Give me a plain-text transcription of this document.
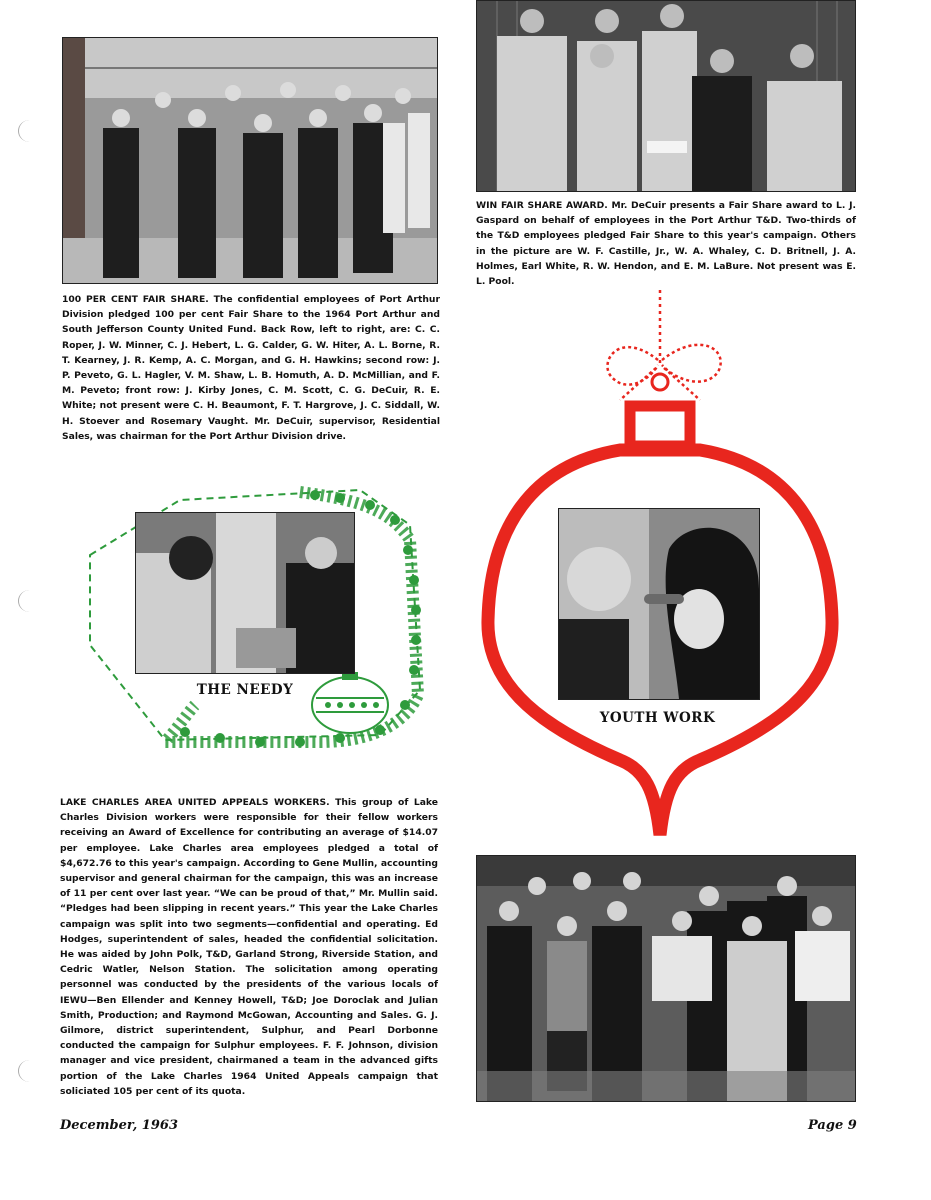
100 PER CENT FAIR SHARE. The confidential employees of Port Arthur Division pledged 100 per cent Fair Share to the 1964 Port Arthur and South Jefferson County United Fund. Back Row, left to right, are: C. C. Roper, J. W. Minner, C. J. Hebert, L. G. Calder, G. W. Hiter, A. L. Borne, R. T. Kearney, J. R. Kemp, A. C. Morgan, and G. H. Hawkins; second row: J. P. Peveto, G. L. Hagler, V. M. Shaw, L. B. Homuth, A. D. McMillian, and F. M. Peveto; front row: J. Kirby Jones, C. M. Scott, C. G. DeCuir, R. E. White; not present were C. H. Beaumont, F. T. Hargrove, J. C. Siddall, W. H. Stoever and Rosemary Vaught. Mr. DeCuir, supervisor, Residential Sales, was chairman for the Port Arthur Division drive.

WIN FAIR SHARE AWARD. Mr. DeCuir presents a Fair Share award to L. J. Gaspard on behalf of employees in the Port Arthur T&D. Two-thirds of the T&D employees pledged Fair Share to this year's campaign. Others in the picture are W. F. Castille, Jr., W. A. Whaley, C. D. Britnell, J. A. Holmes, Earl White, R. W. Hendon, and E. M. LaBure. Not present was E. L. Pool.

THE NEEDY
YOUTH WORK

LAKE CHARLES AREA UNITED APPEALS WORKERS. This group of Lake Charles Division workers were responsible for their fellow workers receiving an Award of Excellence for contributing an average of $14.07 per employee. Lake Charles area employees pledged a total of $4,672.76 to this year's campaign. According to Gene Mullin, accounting supervisor and general chairman for the campaign, this was an increase of 11 per cent over last year. “We can be proud of that,” Mr. Mullin said. “Pledges had been slipping in recent years.” This year the Lake Charles campaign was split into two segments—confidential and operating. Ed Hodges, superintendent of sales, headed the confidential solicitation. He was aided by John Polk, T&D, Garland Strong, Riverside Station, and Cedric Watler, Nelson Station. The solicitation among operating personnel was conducted by the presidents of the various locals of IEWU—Ben Ellender and Kenney Howell, T&D; Joe Doroclak and Julian Smith, Production; and Raymond McGowan, Accounting and Sales. G. J. Gilmore, district superintendent, Sulphur, and Pearl Dorbonne conducted the campaign for Sulphur employees. F. F. Johnson, division manager and vice president, chairmaned a team in the advanced gifts portion of the Lake Charles 1964 United Appeals campaign that soliciated 105 per cent of its quota.

December, 1963	Page 9
